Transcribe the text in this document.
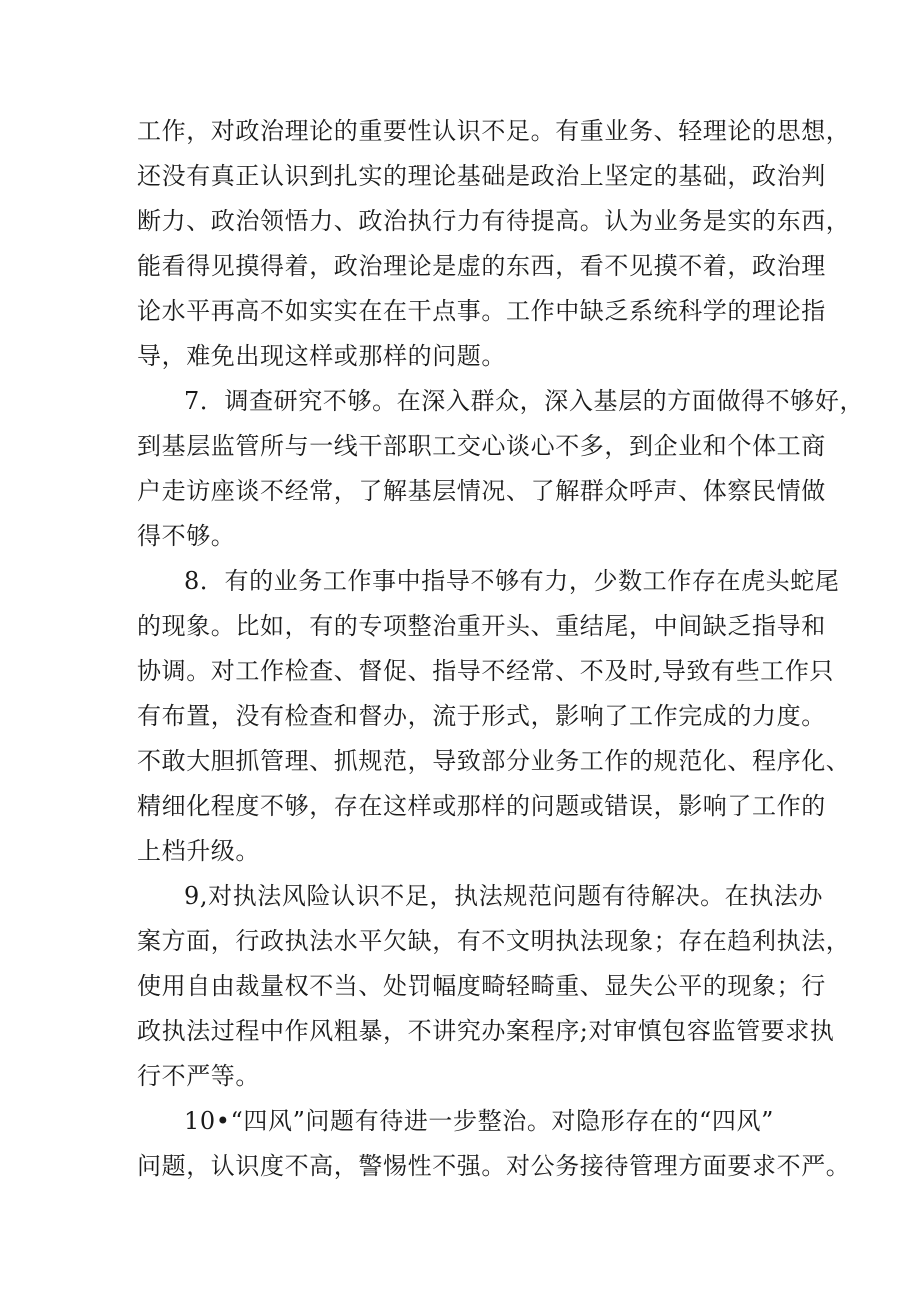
工作，对政治理论的重要性认识不足。有重业务、轻理论的思想，

还没有真正认识到扎实的理论基础是政治上坚定的基础，政治判

断力、政治领悟力、政治执行力有待提高。认为业务是实的东西，

能看得见摸得着，政治理论是虚的东西，看不见摸不着，政治理

论水平再高不如实实在在干点事。工作中缺乏系统科学的理论指

导，难免出现这样或那样的问题。

7．调查研究不够。在深入群众，深入基层的方面做得不够好，

到基层监管所与一线干部职工交心谈心不多，到企业和个体工商

户走访座谈不经常，了解基层情况、了解群众呼声、体察民情做

得不够。

8．有的业务工作事中指导不够有力，少数工作存在虎头蛇尾

的现象。比如，有的专项整治重开头、重结尾，中间缺乏指导和

协调。对工作检查、督促、指导不经常、不及时,导致有些工作只

有布置，没有检查和督办，流于形式，影响了工作完成的力度。

不敢大胆抓管理、抓规范，导致部分业务工作的规范化、程序化、

精细化程度不够，存在这样或那样的问题或错误，影响了工作的

上档升级。

9,对执法风险认识不足，执法规范问题有待解决。在执法办

案方面，行政执法水平欠缺，有不文明执法现象；存在趋利执法，

使用自由裁量权不当、处罚幅度畸轻畸重、显失公平的现象；行

政执法过程中作风粗暴，不讲究办案程序;对审慎包容监管要求执

行不严等。

10•“四风”问题有待进一步整治。对隐形存在的“四风”

问题，认识度不高，警惕性不强。对公务接待管理方面要求不严。
